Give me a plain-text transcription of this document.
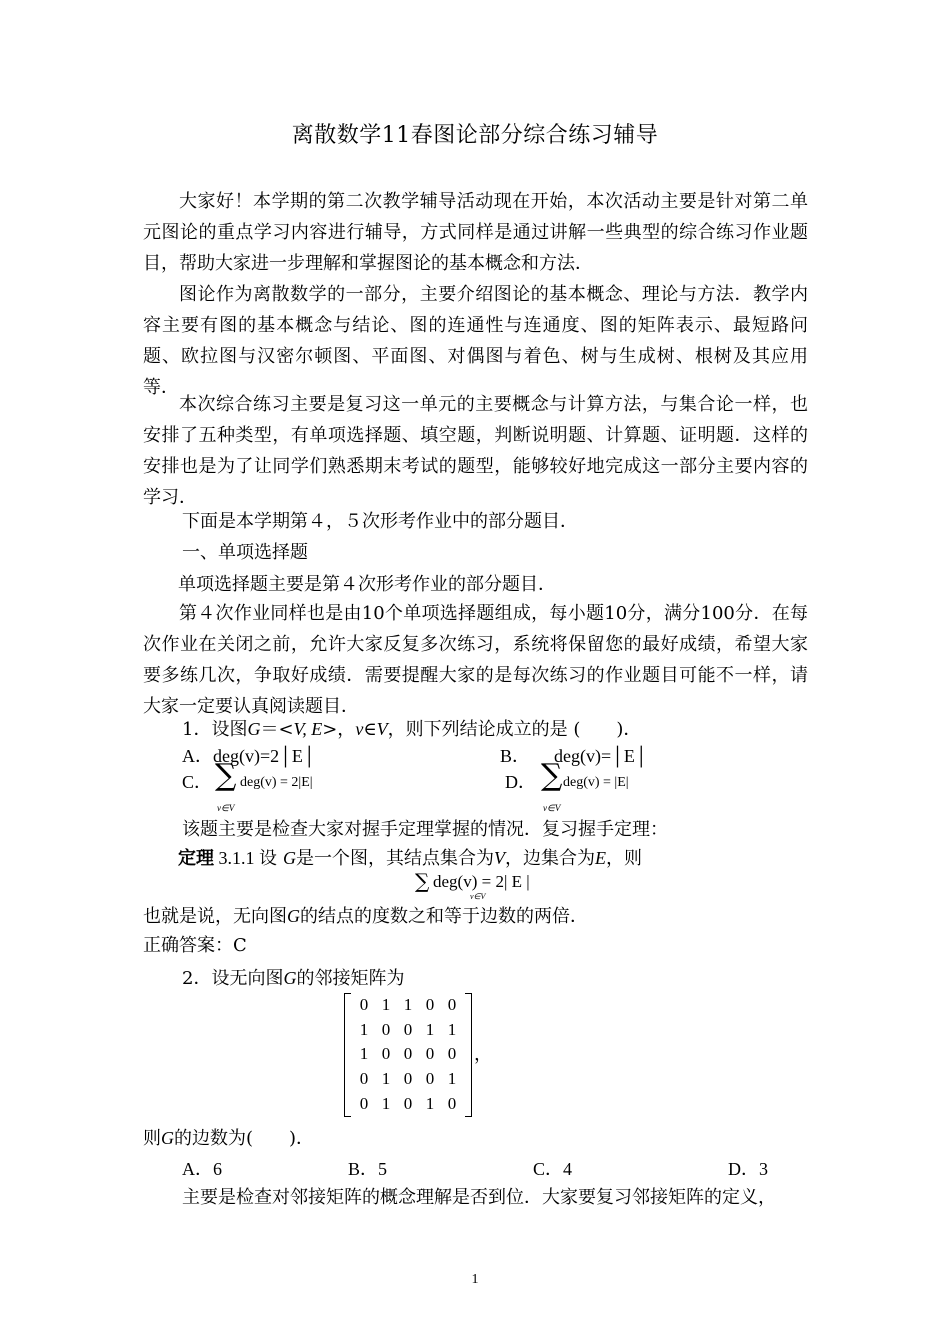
离散数学11春图论部分综合练习辅导
大家好！本学期的第二次教学辅导活动现在开始，本次活动主要是针对第二单元图论的重点学习内容进行辅导，方式同样是通过讲解一些典型的综合练习作业题目，帮助大家进一步理解和掌握图论的基本概念和方法．
图论作为离散数学的一部分，主要介绍图论的基本概念、理论与方法．教学内容主要有图的基本概念与结论、图的连通性与连通度、图的矩阵表示、最短路问题、欧拉图与汉密尔顿图、平面图、对偶图与着色、树与生成树、根树及其应用等．
本次综合练习主要是复习这一单元的主要概念与计算方法，与集合论一样，也安排了五种类型，有单项选择题、填空题，判断说明题、计算题、证明题．这样的安排也是为了让同学们熟悉期末考试的题型，能够较好地完成这一部分主要内容的学习．
下面是本学期第４，５次形考作业中的部分题目．
一、单项选择题
单项选择题主要是第４次形考作业的部分题目．
第４次作业同样也是由10个单项选择题组成，每小题10分，满分100分．在每次作业在关闭之前，允许大家反复多次练习，系统将保留您的最好成绩，希望大家要多练几次，争取好成绩．需要提醒大家的是每次练习的作业题目可能不一样，请大家一定要认真阅读题目．
1．设图G＝<V, E>，v∈V，则下列结论成立的是 (　　)．
A．deg(v)=2│E│	B． deg(v)=│E│
C． ∑ deg(v) = 2|E|
v∈V
D． ∑ deg(v) = |E|
v∈V
该题主要是检查大家对握手定理掌握的情况．复习握手定理：
定理 3.1.1 设 G是一个图，其结点集合为V，边集合为E，则
∑ deg(v) = 2| E |
v∈V
也就是说，无向图G的结点的度数之和等于边数的两倍．
正确答案：C
2．设无向图G的邻接矩阵为
0	1	1	0	0
1	0	0	1	1
1	0	0	0	0
0	1	0	0	1
0	1	0	1	0
，
则G的边数为(　　)．
A．6	B．5	C．4	D．3
主要是检查对邻接矩阵的概念理解是否到位．大家要复习邻接矩阵的定义，
1
